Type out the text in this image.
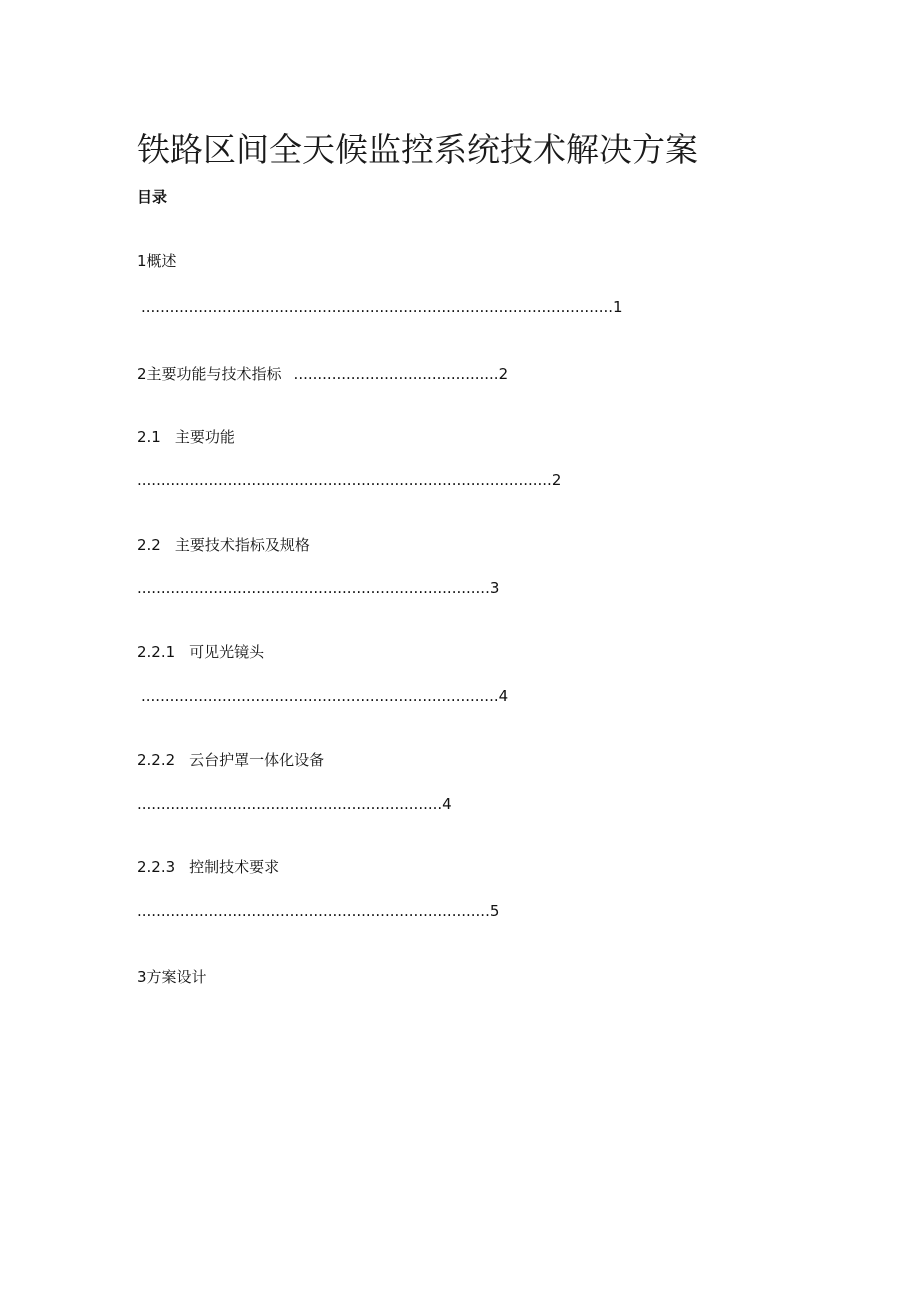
铁路区间全天候监控系统技术解决方案
目录
1概述
...................................................................................................1
2主要功能与技术指标 ...........................................2
2.1 主要功能
.......................................................................................2
2.2 主要技术指标及规格
..........................................................................3
2.2.1 可见光镜头
...........................................................................4
2.2.2 云台护罩一体化设备
................................................................4
2.2.3 控制技术要求
..........................................................................5
3方案设计
